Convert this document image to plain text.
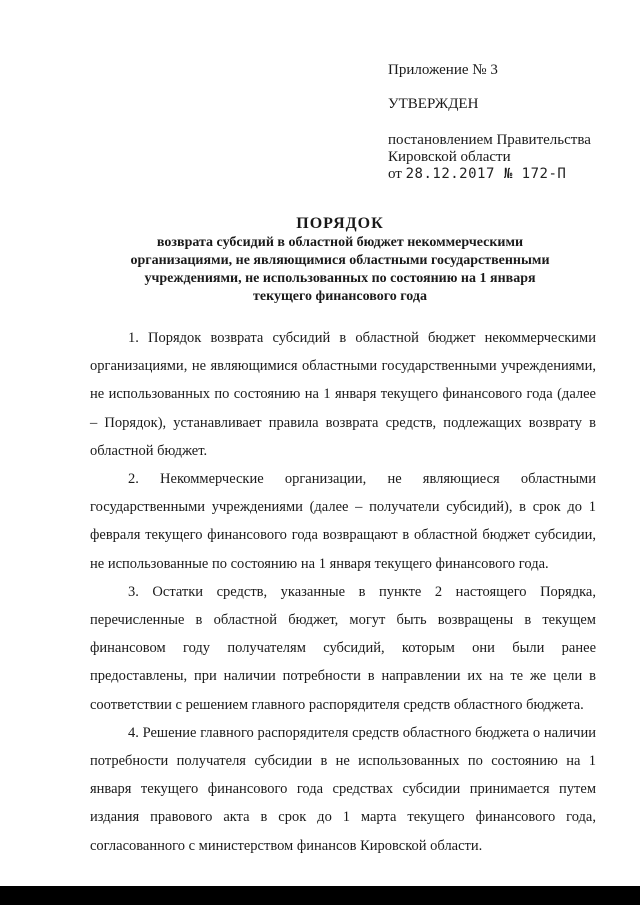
Приложение № 3
УТВЕРЖДЕН
постановлением Правительства
Кировской области
от 28.12.2017 № 172-П
ПОРЯДОК
возврата субсидий в областной бюджет некоммерческими
организациями, не являющимися областными государственными
учреждениями, не использованных по состоянию на 1 января
текущего финансового года

1. Порядок возврата субсидий в областной бюджет некоммерческими организациями, не являющимися областными государственными учреждениями, не использованных по состоянию на 1 января текущего финансового года (далее – Порядок), устанавливает правила возврата средств, подлежащих возврату в областной бюджет.

2. Некоммерческие организации, не являющиеся областными государственными учреждениями (далее – получатели субсидий), в срок до 1 февраля текущего финансового года возвращают в областной бюджет субсидии, не использованные по состоянию на 1 января текущего финансового года.

3. Остатки средств, указанные в пункте 2 настоящего Порядка, перечисленные в областной бюджет, могут быть возвращены в текущем финансовом году получателям субсидий, которым они были ранее предоставлены, при наличии потребности в направлении их на те же цели в соответствии с решением главного распорядителя средств областного бюджета.

4. Решение главного распорядителя средств областного бюджета о наличии потребности получателя субсидии в не использованных по состоянию на 1 января текущего финансового года средствах субсидии принимается путем издания правового акта в срок до 1 марта текущего финансового года, согласованного с министерством финансов Кировской области.
